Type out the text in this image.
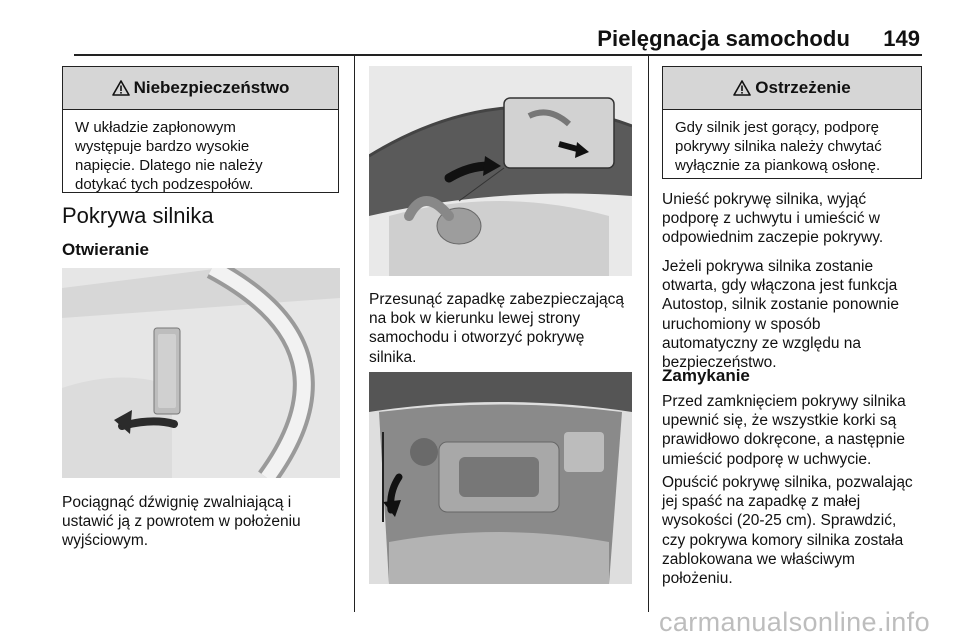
Pielęgnacja samochodu 149
Niebezpieczeństwo
W układzie zapłonowym
występuje bardzo wysokie
napięcie. Dlatego nie należy
dotykać tych podzespołów.
Pokrywa silnika
Otwieranie
Pociągnąć dźwignię zwalniającą i
ustawić ją z powrotem w położeniu
wyjściowym.
Przesunąć zapadkę zabezpieczającą
na bok w kierunku lewej strony
samochodu i otworzyć pokrywę
silnika.
Ostrzeżenie
Gdy silnik jest gorący, podporę
pokrywy silnika należy chwytać
wyłącznie za piankową osłonę.
Unieść pokrywę silnika, wyjąć
podporę z uchwytu i umieścić w
odpowiednim zaczepie pokrywy.
Jeżeli pokrywa silnika zostanie
otwarta, gdy włączona jest funkcja
Autostop, silnik zostanie ponownie
uruchomiony w sposób
automatyczny ze względu na
bezpieczeństwo.
Zamykanie
Przed zamknięciem pokrywy silnika
upewnić się, że wszystkie korki są
prawidłowo dokręcone, a następnie
umieścić podporę w uchwycie.
Opuścić pokrywę silnika, pozwalając
jej spaść na zapadkę z małej
wysokości (20-25 cm). Sprawdzić,
czy pokrywa komory silnika została
zablokowana we właściwym
położeniu.
carmanualsonline.info
